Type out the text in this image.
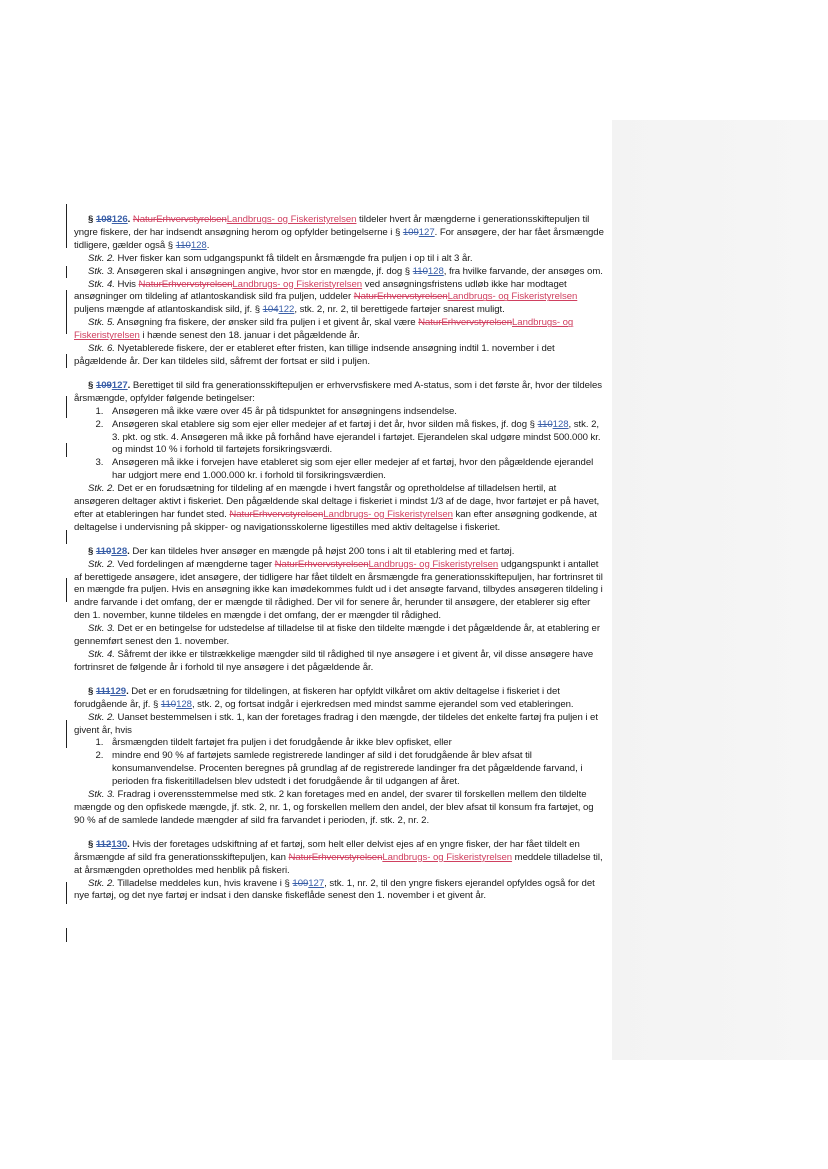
§ 108126. NaturErhvervstyrelsenLandbrugs- og Fiskeristyrelsen tildeler hvert år mængderne i generationsskiftepuljen til yngre fiskere, der har indsendt ansøgning herom og opfylder betingelserne i § 109127. For ansøgere, der har fået årsmængde tidligere, gælder også § 110128.

Stk. 2. Hver fisker kan som udgangspunkt få tildelt en årsmængde fra puljen i op til i alt 3 år.

Stk. 3. Ansøgeren skal i ansøgningen angive, hvor stor en mængde, jf. dog § 110128, fra hvilke farvande, der ansøges om.

Stk. 4. Hvis NaturErhvervstyrelsenLandbrugs- og Fiskeristyrelsen ved ansøgningsfristens udløb ikke har modtaget ansøgninger om tildeling af atlantoskandisk sild fra puljen, uddeler NaturErhvervstyrelsenLandbrugs- og Fiskeristyrelsen puljens mængde af atlantoskandisk sild, jf. § 104122, stk. 2, nr. 2, til berettigede fartøjer snarest muligt.

Stk. 5. Ansøgning fra fiskere, der ønsker sild fra puljen i et givent år, skal være NaturErhvervstyrelsenLandbrugs- og Fiskeristyrelsen i hænde senest den 18. januar i det pågældende år.

Stk. 6. Nyetablerede fiskere, der er etableret efter fristen, kan tillige indsende ansøgning indtil 1. november i det pågældende år. Der kan tildeles sild, såfremt der fortsat er sild i puljen.

§ 109127. Berettiget til sild fra generationsskiftepuljen er erhvervsfiskere med A-status, som i det første år, hvor der tildeles årsmængde, opfylder følgende betingelser:

1. Ansøgeren må ikke være over 45 år på tidspunktet for ansøgningens indsendelse.
2. Ansøgeren skal etablere sig som ejer eller medejer af et fartøj i det år, hvor silden må fiskes, jf. dog § 110128, stk. 2, 3. pkt. og stk. 4. Ansøgeren må ikke på forhånd have ejerandel i fartøjet. Ejerandelen skal udgøre mindst 500.000 kr. og mindst 10 % i forhold til fartøjets forsikringsværdi.
3. Ansøgeren må ikke i forvejen have etableret sig som ejer eller medejer af et fartøj, hvor den pågældende ejerandel har udgjort mere end 1.000.000 kr. i forhold til forsikringsværdien.

Stk. 2. Det er en forudsætning for tildeling af en mængde i hvert fangstår og opretholdelse af tilladelsen hertil, at ansøgeren deltager aktivt i fiskeriet. Den pågældende skal deltage i fiskeriet i mindst 1/3 af de dage, hvor fartøjet er på havet, efter at etableringen har fundet sted. NaturErhvervstyrelsenLandbrugs- og Fiskeristyrelsen kan efter ansøgning godkende, at deltagelse i undervisning på skipper- og navigationsskolerne ligestilles med aktiv deltagelse i fiskeriet.

§ 110128. Der kan tildeles hver ansøger en mængde på højst 200 tons i alt til etablering med et fartøj.

Stk. 2. Ved fordelingen af mængderne tager NaturErhvervstyrelsenLandbrugs- og Fiskeristyrelsen udgangspunkt i antallet af berettigede ansøgere, idet ansøgere, der tidligere har fået tildelt en årsmængde fra generationsskiftepuljen, har fortrinsret til en mængde fra puljen. Hvis en ansøgning ikke kan imødekommes fuldt ud i det ansøgte farvand, tilbydes ansøgeren tildeling i andre farvande i det omfang, der er mængde til rådighed. Der vil for senere år, herunder til ansøgere, der etablerer sig efter den 1. november, kunne tildeles en mængde i det omfang, der er mængder til rådighed.

Stk. 3. Det er en betingelse for udstedelse af tilladelse til at fiske den tildelte mængde i det pågældende år, at etablering er gennemført senest den 1. november.

Stk. 4. Såfremt der ikke er tilstrækkelige mængder sild til rådighed til nye ansøgere i et givent år, vil disse ansøgere have fortrinsret de følgende år i forhold til nye ansøgere i det pågældende år.

§ 111129. Det er en forudsætning for tildelingen, at fiskeren har opfyldt vilkåret om aktiv deltagelse i fiskeriet i det forudgående år, jf. § 110128, stk. 2, og fortsat indgår i ejerkredsen med mindst samme ejerandel som ved etableringen.

Stk. 2. Uanset bestemmelsen i stk. 1, kan der foretages fradrag i den mængde, der tildeles det enkelte fartøj fra puljen i et givent år, hvis

1. årsmængden tildelt fartøjet fra puljen i det forudgående år ikke blev opfisket, eller
2. mindre end 90 % af fartøjets samlede registrerede landinger af sild i det forudgående år blev afsat til konsumanvendelse. Procenten beregnes på grundlag af de registrerede landinger fra det pågældende farvand, i perioden fra fiskeritilladelsen blev udstedt i det forudgående år til udgangen af året.

Stk. 3. Fradrag i overensstemmelse med stk. 2 kan foretages med en andel, der svarer til forskellen mellem den tildelte mængde og den opfiskede mængde, jf. stk. 2, nr. 1, og forskellen mellem den andel, der blev afsat til konsum fra fartøjet, og 90 % af de samlede landede mængder af sild fra farvandet i perioden, jf. stk. 2, nr. 2.

§ 112130. Hvis der foretages udskiftning af et fartøj, som helt eller delvist ejes af en yngre fisker, der har fået tildelt en årsmængde af sild fra generationsskiftepuljen, kan NaturErhvervstyrelsenLandbrugs- og Fiskeristyrelsen meddele tilladelse til, at årsmængden opretholdes med henblik på fiskeri.

Stk. 2. Tilladelse meddeles kun, hvis kravene i § 109127, stk. 1, nr. 2, til den yngre fiskers ejerandel opfyldes også for det nye fartøj, og det nye fartøj er indsat i den danske fiskeflåde senest den 1. november i et givent år.
